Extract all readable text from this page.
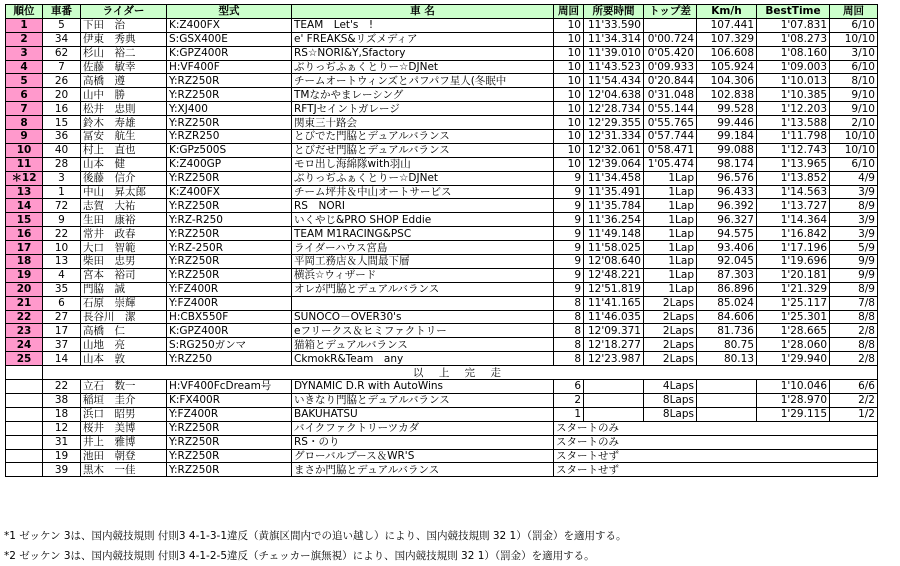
順位	車番	ライダー	型式	車 名	周回	所要時間	トップ差	Km/h	BestTime	周回
1	5	下田　治	K:Z400FX	TEAM　Let's　!	10	11'33.590		107.441	1'07.831	6/10
2	34	伊東　秀典	S:GSX400E	e' FREAKS&リズメディア	10	11'34.314	0'00.724	107.329	1'08.273	10/10
3	62	杉山　裕二	K:GPZ400R	RS☆NORI&Y,Sfactory	10	11'39.010	0'05.420	106.608	1'08.160	3/10
4	7	佐藤　敏幸	H:VF400F	ぶりっぢふぁくとりー☆DJNet	10	11'43.523	0'09.933	105.924	1'09.003	6/10
5	26	高橋　遵	Y:RZ250R	チームオートウィンズとパフパフ星人(冬眠中	10	11'54.434	0'20.844	104.306	1'10.013	8/10
6	20	山中　勝	Y:RZ250R	TMなかやまレーシング	10	12'04.638	0'31.048	102.838	1'10.385	9/10
7	16	松井　忠則	Y:XJ400	RFTJセイントガレージ	10	12'28.734	0'55.144	99.528	1'12.203	9/10
8	15	鈴木　寿雄	Y:RZ250R	関東三十路会	10	12'29.355	0'55.765	99.446	1'13.588	2/10
9	36	冨安　航生	Y:RZR250	とびでた門脇とデュアルバランス	10	12'31.334	0'57.744	99.184	1'11.798	10/10
10	40	村上　直也	K:GPz500S	とびだせ門脇とデュアルバランス	10	12'32.061	0'58.471	99.088	1'12.743	10/10
11	28	山本　健	K:Z400GP	モロ出し海綿隊with羽山	10	12'39.064	1'05.474	98.174	1'13.965	6/10
＊12	3	後藤　信介	Y:RZ250R	ぶりっぢふぁくとりー☆DJNet	9	11'34.458	1Lap	96.576	1'13.852	4/9
13	1	中山　昇太郎	K:Z400FX	チーム坪井＆中山オートサービス	9	11'35.491	1Lap	96.433	1'14.563	3/9
14	72	志賀　大祐	Y:RZ250R	RS　NORI	9	11'35.784	1Lap	96.392	1'13.727	8/9
15	9	生田　康裕	Y:RZ-R250	いくやじ&PRO SHOP Eddie	9	11'36.254	1Lap	96.327	1'14.364	3/9
16	22	常井　政春	Y:RZ250R	TEAM M1RACING&PSC	9	11'49.148	1Lap	94.575	1'16.842	3/9
17	10	大口　智範	Y:RZ-250R	ライダーハウス宮島	9	11'58.025	1Lap	93.406	1'17.196	5/9
18	13	柴田　忠男	Y:RZ250R	平岡工務店＆人間最下層	9	12'08.640	1Lap	92.045	1'19.696	9/9
19	4	宮本　裕司	Y:RZ250R	横浜☆ウィザード	9	12'48.221	1Lap	87.303	1'20.181	9/9
20	35	門脇　誠	Y:FZ400R	オレが門脇とデュアルバランス	9	12'51.819	1Lap	86.896	1'21.329	8/9
21	6	石原　崇輝	Y:FZ400R		8	11'41.165	2Laps	85.024	1'25.117	7/8
22	27	長谷川　潔	H:CBX550F	SUNOCO－OVER30's	8	11'46.035	2Laps	84.606	1'25.301	8/8
23	17	高橋　仁	K:GPZ400R	eフリークス＆ヒミファクトリー	8	12'09.371	2Laps	81.736	1'28.665	2/8
24	37	山地　亮	S:RG250ガンマ	猫箱とデュアルバランス	8	12'18.277	2Laps	80.75	1'28.060	8/8
25	14	山本　敦	Y:RZ250	CkmokR&Team　any	8	12'23.987	2Laps	80.13	1'29.940	2/8
	以 上 完 走									
	22	立石　数一	H:VF400FcDream号	DYNAMIC D.R with AutoWins	6		4Laps		1'10.046	6/6
	38	稲垣　圭介	K:FX400R	いきなり門脇とデュアルバランス	2		8Laps		1'28.970	2/2
	18	浜口　昭男	Y:FZ400R	BAKUHATSU	1		8Laps		1'29.115	1/2
	12	桜井　美博	Y:RZ250R	バイクファクトリーツカダ	スタートのみ					
	31	井上　雅博	Y:RZ250R	RS・のり	スタートのみ					
	19	池田　朝登	Y:RZ250R	グローバルブース＆WR'S	スタートせず					
	39	黒木　一佳	Y:RZ250R	まさか門脇とデュアルバランス	スタートせず					
*1 ゼッケン 3は、国内競技規則 付則3 4-1-3-1違反（黄旗区間内での追い越し）により、国内競技規則 32 1）（罰金）を適用する。
*2 ゼッケン 3は、国内競技規則 付則3 4-1-2-5違反（チェッカー旗無視）により、国内競技規則 32 1）（罰金）を適用する。
